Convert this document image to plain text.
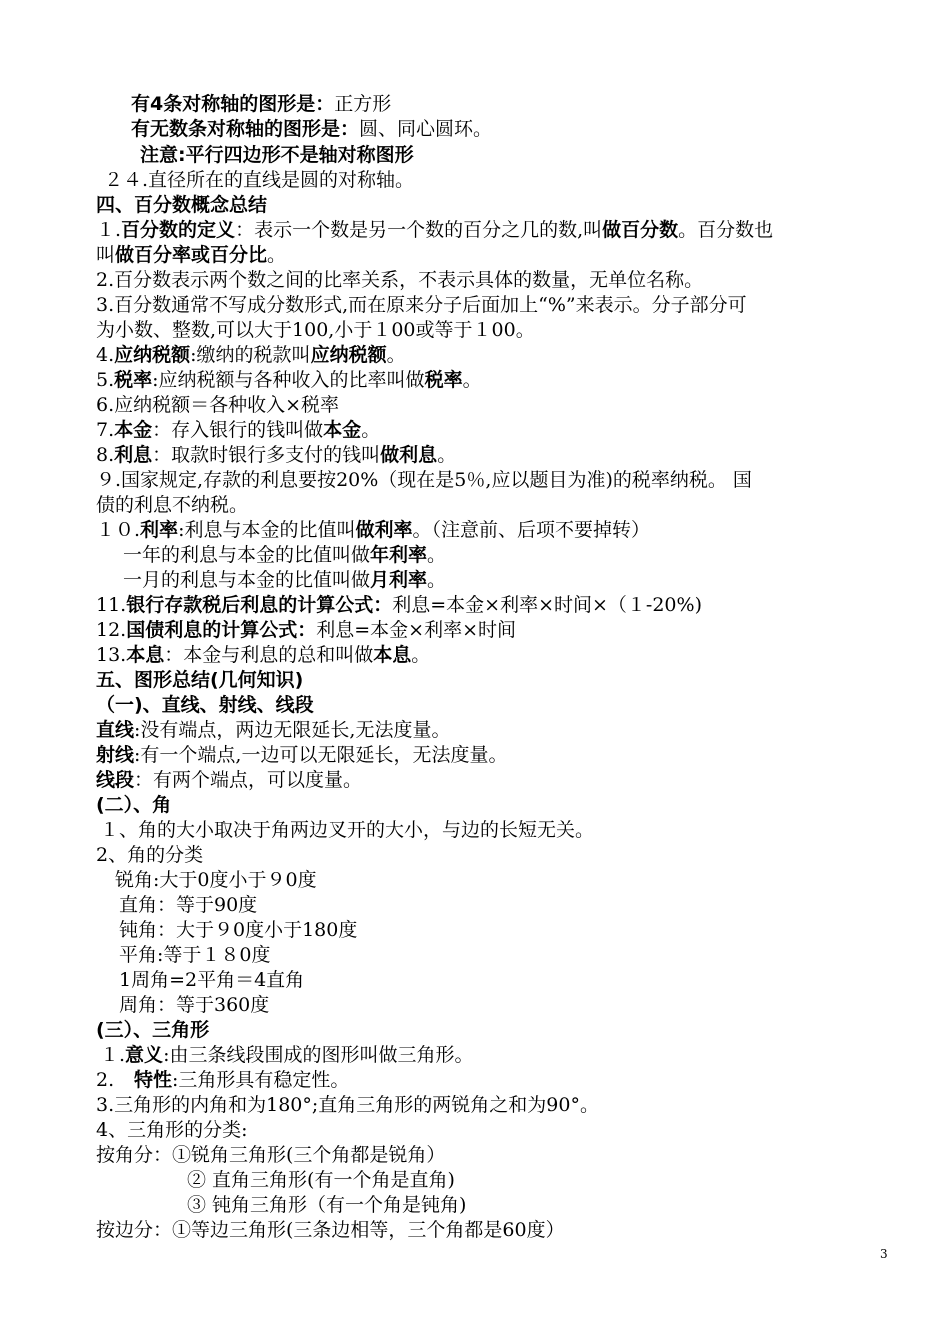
有4条对称轴的图形是：正方形
有无数条对称轴的图形是：圆、同心圆环。
注意:平行四边形不是轴对称图形
２４.直径所在的直线是圆的对称轴。
四、百分数概念总结
１.百分数的定义：表示一个数是另一个数的百分之几的数,叫做百分数。百分数也
叫做百分率或百分比。
2.百分数表示两个数之间的比率关系，不表示具体的数量，无单位名称。
3.百分数通常不写成分数形式,而在原来分子后面加上“%”来表示。分子部分可
为小数、整数,可以大于100,小于１00或等于１00。
4.应纳税额:缴纳的税款叫应纳税额。
5.税率:应纳税额与各种收入的比率叫做税率。
6.应纳税额＝各种收入×税率
7.本金：存入银行的钱叫做本金。
8.利息：取款时银行多支付的钱叫做利息。
９.国家规定,存款的利息要按20%（现在是5％,应以题目为准)的税率纳税。 国
债的利息不纳税。
１０.利率:利息与本金的比值叫做利率。（注意前、后项不要掉转）
一年的利息与本金的比值叫做年利率。
一月的利息与本金的比值叫做月利率。
11.银行存款税后利息的计算公式：利息=本金×利率×时间×（１-20%)
12.国债利息的计算公式：利息=本金×利率×时间
13.本息：本金与利息的总和叫做本息。
五、图形总结(几何知识)
（一)、直线、射线、线段
直线:没有端点，两边无限延长,无法度量。
射线:有一个端点,一边可以无限延长，无法度量。
线段：有两个端点，可以度量。
(二）、角
１、角的大小取决于角两边叉开的大小，与边的长短无关。
2、角的分类
锐角:大于0度小于９0度
直角：等于90度
钝角：大于９0度小于180度
平角:等于１８0度
1周角=2平角＝4直角
周角：等于360度
(三）、三角形
１.意义:由三条线段围成的图形叫做三角形。
2. 特性:三角形具有稳定性。
3.三角形的内角和为180°;直角三角形的两锐角之和为90°。
4、三角形的分类:
按角分：①锐角三角形(三个角都是锐角）
② 直角三角形(有一个角是直角)
③ 钝角三角形（有一个角是钝角)
按边分：①等边三角形(三条边相等，三个角都是60度）
3
